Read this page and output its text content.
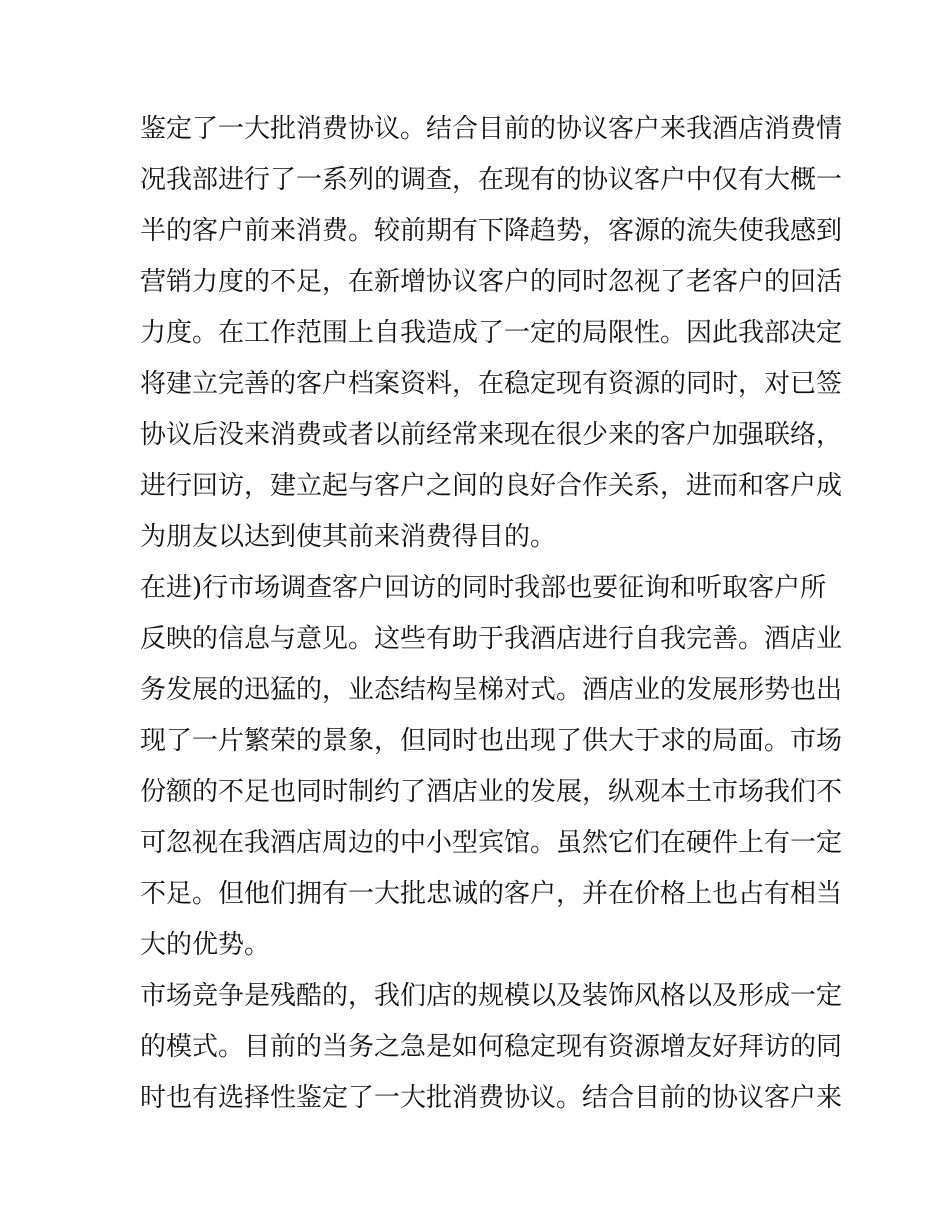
鉴定了一大批消费协议。结合目前的协议客户来我酒店消费情
况我部进行了一系列的调查，在现有的协议客户中仅有大概一
半的客户前来消费。较前期有下降趋势，客源的流失使我感到
营销力度的不足，在新增协议客户的同时忽视了老客户的回活
力度。在工作范围上自我造成了一定的局限性。因此我部决定
将建立完善的客户档案资料，在稳定现有资源的同时，对已签
协议后没来消费或者以前经常来现在很少来的客户加强联络，
进行回访，建立起与客户之间的良好合作关系，进而和客户成
为朋友以达到使其前来消费得目的。
在进)行市场调查客户回访的同时我部也要征询和听取客户所
反映的信息与意见。这些有助于我酒店进行自我完善。酒店业
务发展的迅猛的，业态结构呈梯对式。酒店业的发展形势也出
现了一片繁荣的景象，但同时也出现了供大于求的局面。市场
份额的不足也同时制约了酒店业的发展，纵观本土市场我们不
可忽视在我酒店周边的中小型宾馆。虽然它们在硬件上有一定
不足。但他们拥有一大批忠诚的客户，并在价格上也占有相当
大的优势。
市场竞争是残酷的，我们店的规模以及装饰风格以及形成一定
的模式。目前的当务之急是如何稳定现有资源增友好拜访的同
时也有选择性鉴定了一大批消费协议。结合目前的协议客户来
